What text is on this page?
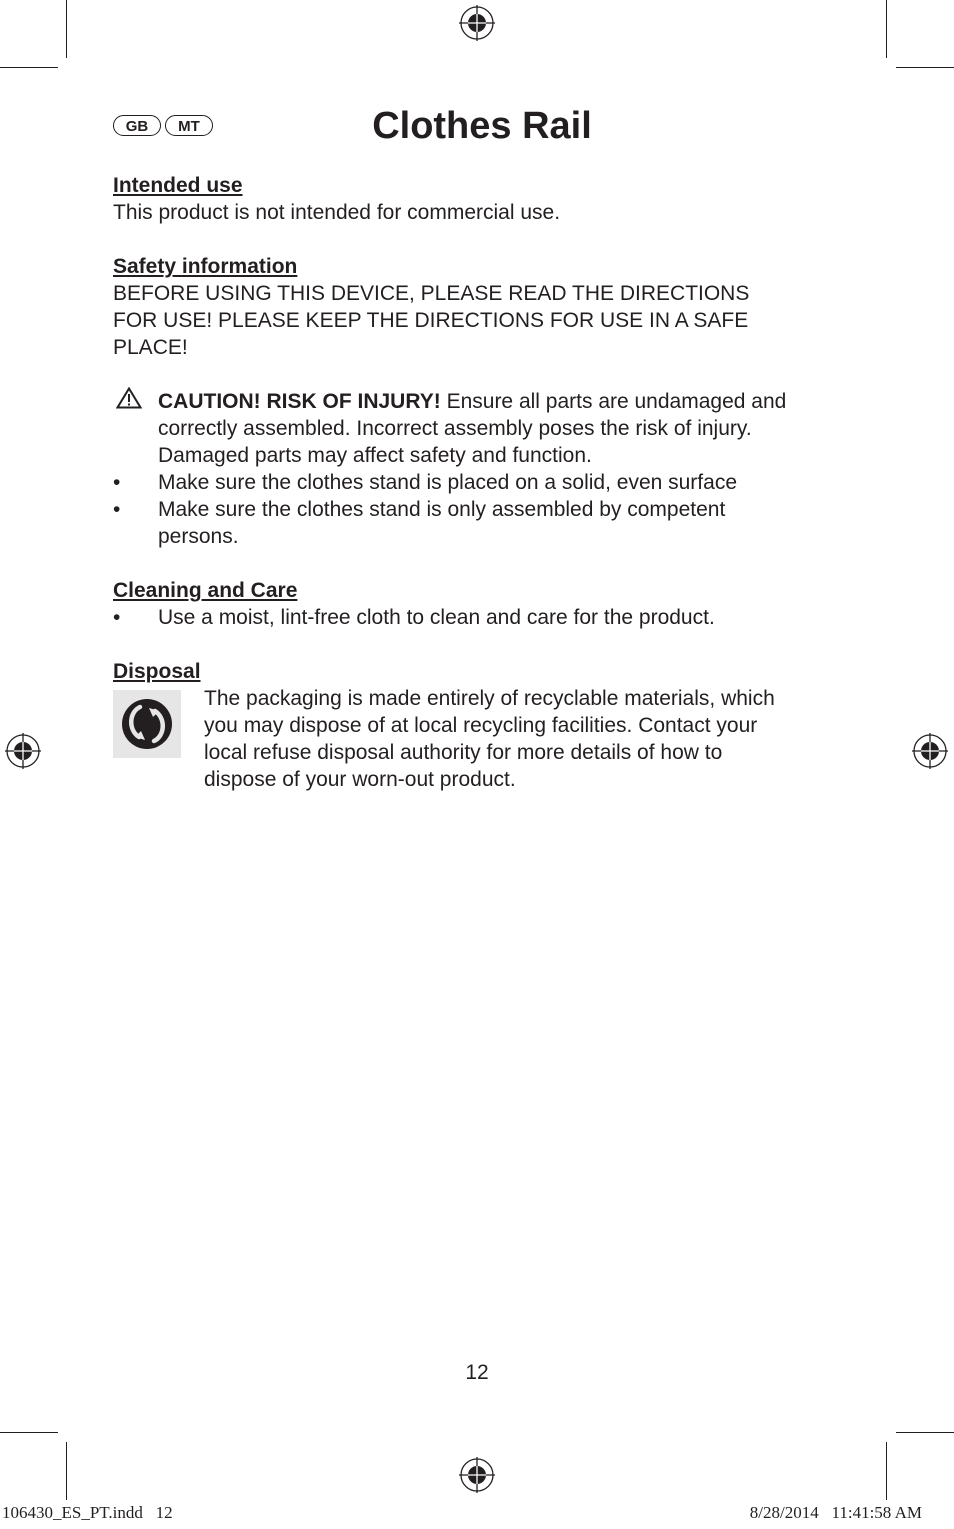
GB	MT	Clothes Rail
Intended use
This product is not intended for commercial use.
Safety information
BEFORE USING THIS DEVICE, PLEASE READ THE DIRECTIONS
FOR USE! PLEASE KEEP THE DIRECTIONS FOR USE IN A SAFE
PLACE!
CAUTION! RISK OF INJURY! Ensure all parts are undamaged and
correctly assembled. Incorrect assembly poses the risk of injury.
Damaged parts may affect safety and function.
• Make sure the clothes stand is placed on a solid, even surface
• Make sure the clothes stand is only assembled by competent
persons.
Cleaning and Care
• Use a moist, lint-free cloth to clean and care for the product.
Disposal
The packaging is made entirely of recyclable materials, which
you may dispose of at local recycling facilities. Contact your
local refuse disposal authority for more details of how to
dispose of your worn-out product.
12
106430_ES_PT.indd   12	8/28/2014   11:41:58 AM
